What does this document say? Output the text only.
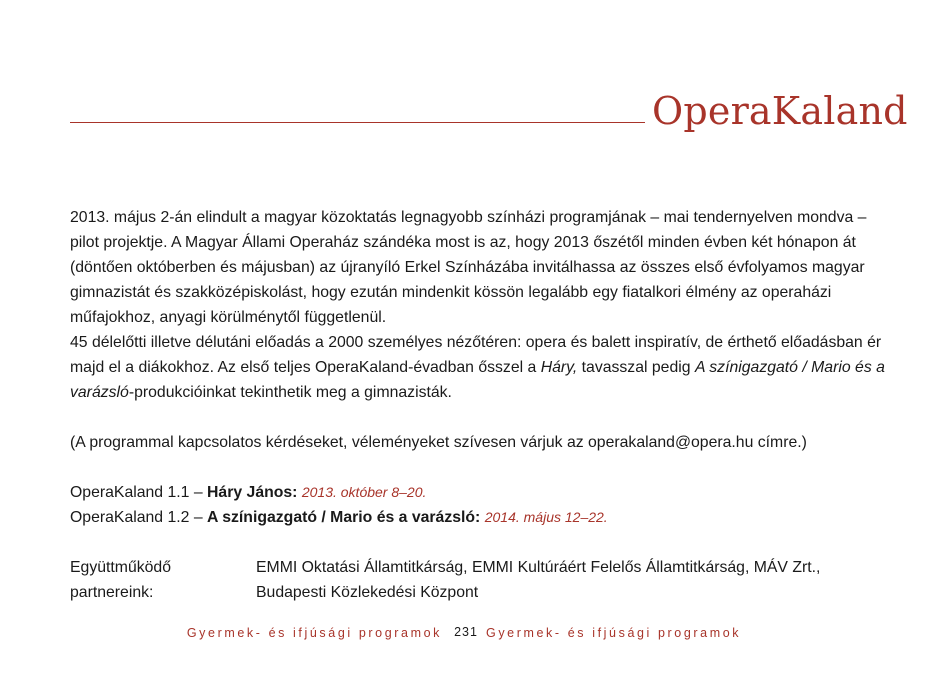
OperaKaland

2013. május 2-án elindult a magyar közoktatás legnagyobb színházi programjának – mai tendernyelven mondva – pilot projektje. A Magyar Állami Operaház szándéka most is az, hogy 2013 őszétől minden évben két hónapon át (döntően októberben és májusban) az újranyíló Erkel Színházába invitálhassa az összes első évfolyamos magyar gimnazistát és szakközépiskolást, hogy ezután mindenkit kössön legalább egy fiatalkori élmény az operaházi műfajokhoz, anyagi körülménytől függetlenül.

45 délelőtti illetve délutáni előadás a 2000 személyes nézőtéren: opera és balett inspiratív, de érthető előadásban ér majd el a diákokhoz. Az első teljes OperaKaland-évadban ősszel a Háry, tavasszal pedig A színigazgató / Mario és a varázsló-produkcióinkat tekinthetik meg a gimnazisták.

(A programmal kapcsolatos kérdéseket, véleményeket szívesen várjuk az operakaland@opera.hu címre.)

OperaKaland 1.1 – Háry János: 2013. október 8–20.

OperaKaland 1.2 – A színigazgató / Mario és a varázsló: 2014. május 12–22.

Együttműködő partnereink:EMMI Oktatási Államtitkárság, EMMI Kultúráért Felelős Államtitkárság, MÁV Zrt.,
Budapesti Közlekedési Központ
Gyermek- és ifjúsági programok 231 Gyermek- és ifjúsági programok
